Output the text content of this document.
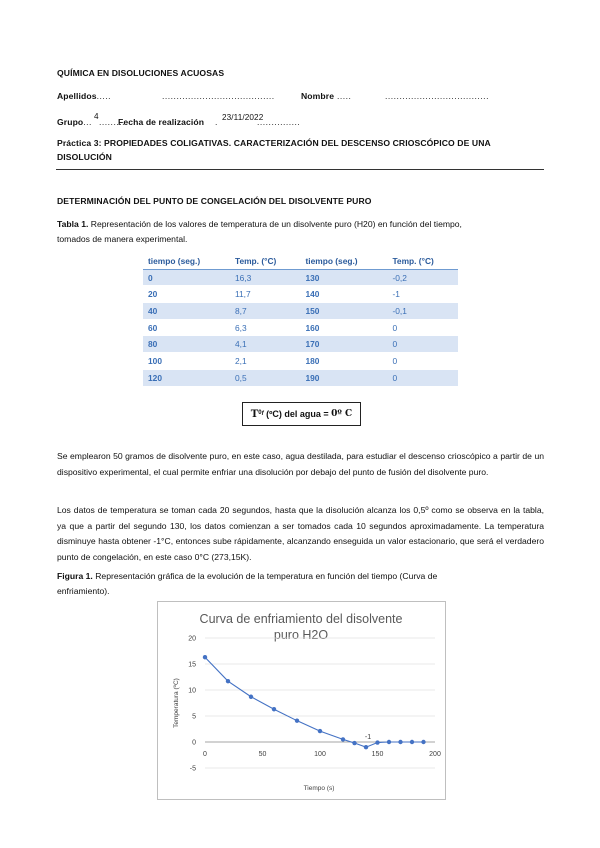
QUÍMICA EN DISOLUCIONES ACUOSAS
Apellidos.....	.......................................	Nombre .....	....................................
Grupo...
4
.........
Fecha de realización . 23/11/2022
...............
Práctica 3: PROPIEDADES COLIGATIVAS. CARACTERIZACIÓN DEL DESCENSO CRIOSCÓPICO DE UNA
DISOLUCIÓN
DETERMINACIÓN DEL PUNTO DE CONGELACIÓN DEL DISOLVENTE PURO
Tabla 1. Representación de los valores de temperatura de un disolvente puro (H20) en función del tiempo,
tomados de manera experimental.
tiempo (seg.)	Temp. (°C)	tiempo (seg.)	Temp. (°C)
0	16,3	130	-0,2
20	11,7	140	-1
40	8,7	150	-0,1
60	6,3	160	0
80	4,1	170	0
100	2,1	180	0
120	0,5	190	0
$T^0$ f (ºC) del agua = 0º C
Se emplearon 50 gramos de disolvente puro, en este caso, agua destilada, para estudiar el descenso crioscópico a partir de un dispositivo experimental, el cual permite enfriar una disolución por debajo del punto de fusión del disolvente puro.
Los datos de temperatura se toman cada 20 segundos, hasta que la disolución alcanza los 0,5º como se observa en la tabla, ya que a partir del segundo 130, los datos comienzan a ser tomados cada 10 segundos aproximadamente. La temperatura disminuye hasta obtener -1°C, entonces sube rápidamente, alcanzando enseguida un valor estacionario, que será el verdadero punto de congelación, en este caso 0°C (273,15K).
Figura 1. Representación gráfica de la evolución de la temperatura en función del tiempo (Curva de
enfriamiento).
Curva de enfriamiento del disolvente
puro H2O
Temperatura (ºC)
Tiempo (s)
-5
0
5
10
15
20
0	50	100	150	200
-1
